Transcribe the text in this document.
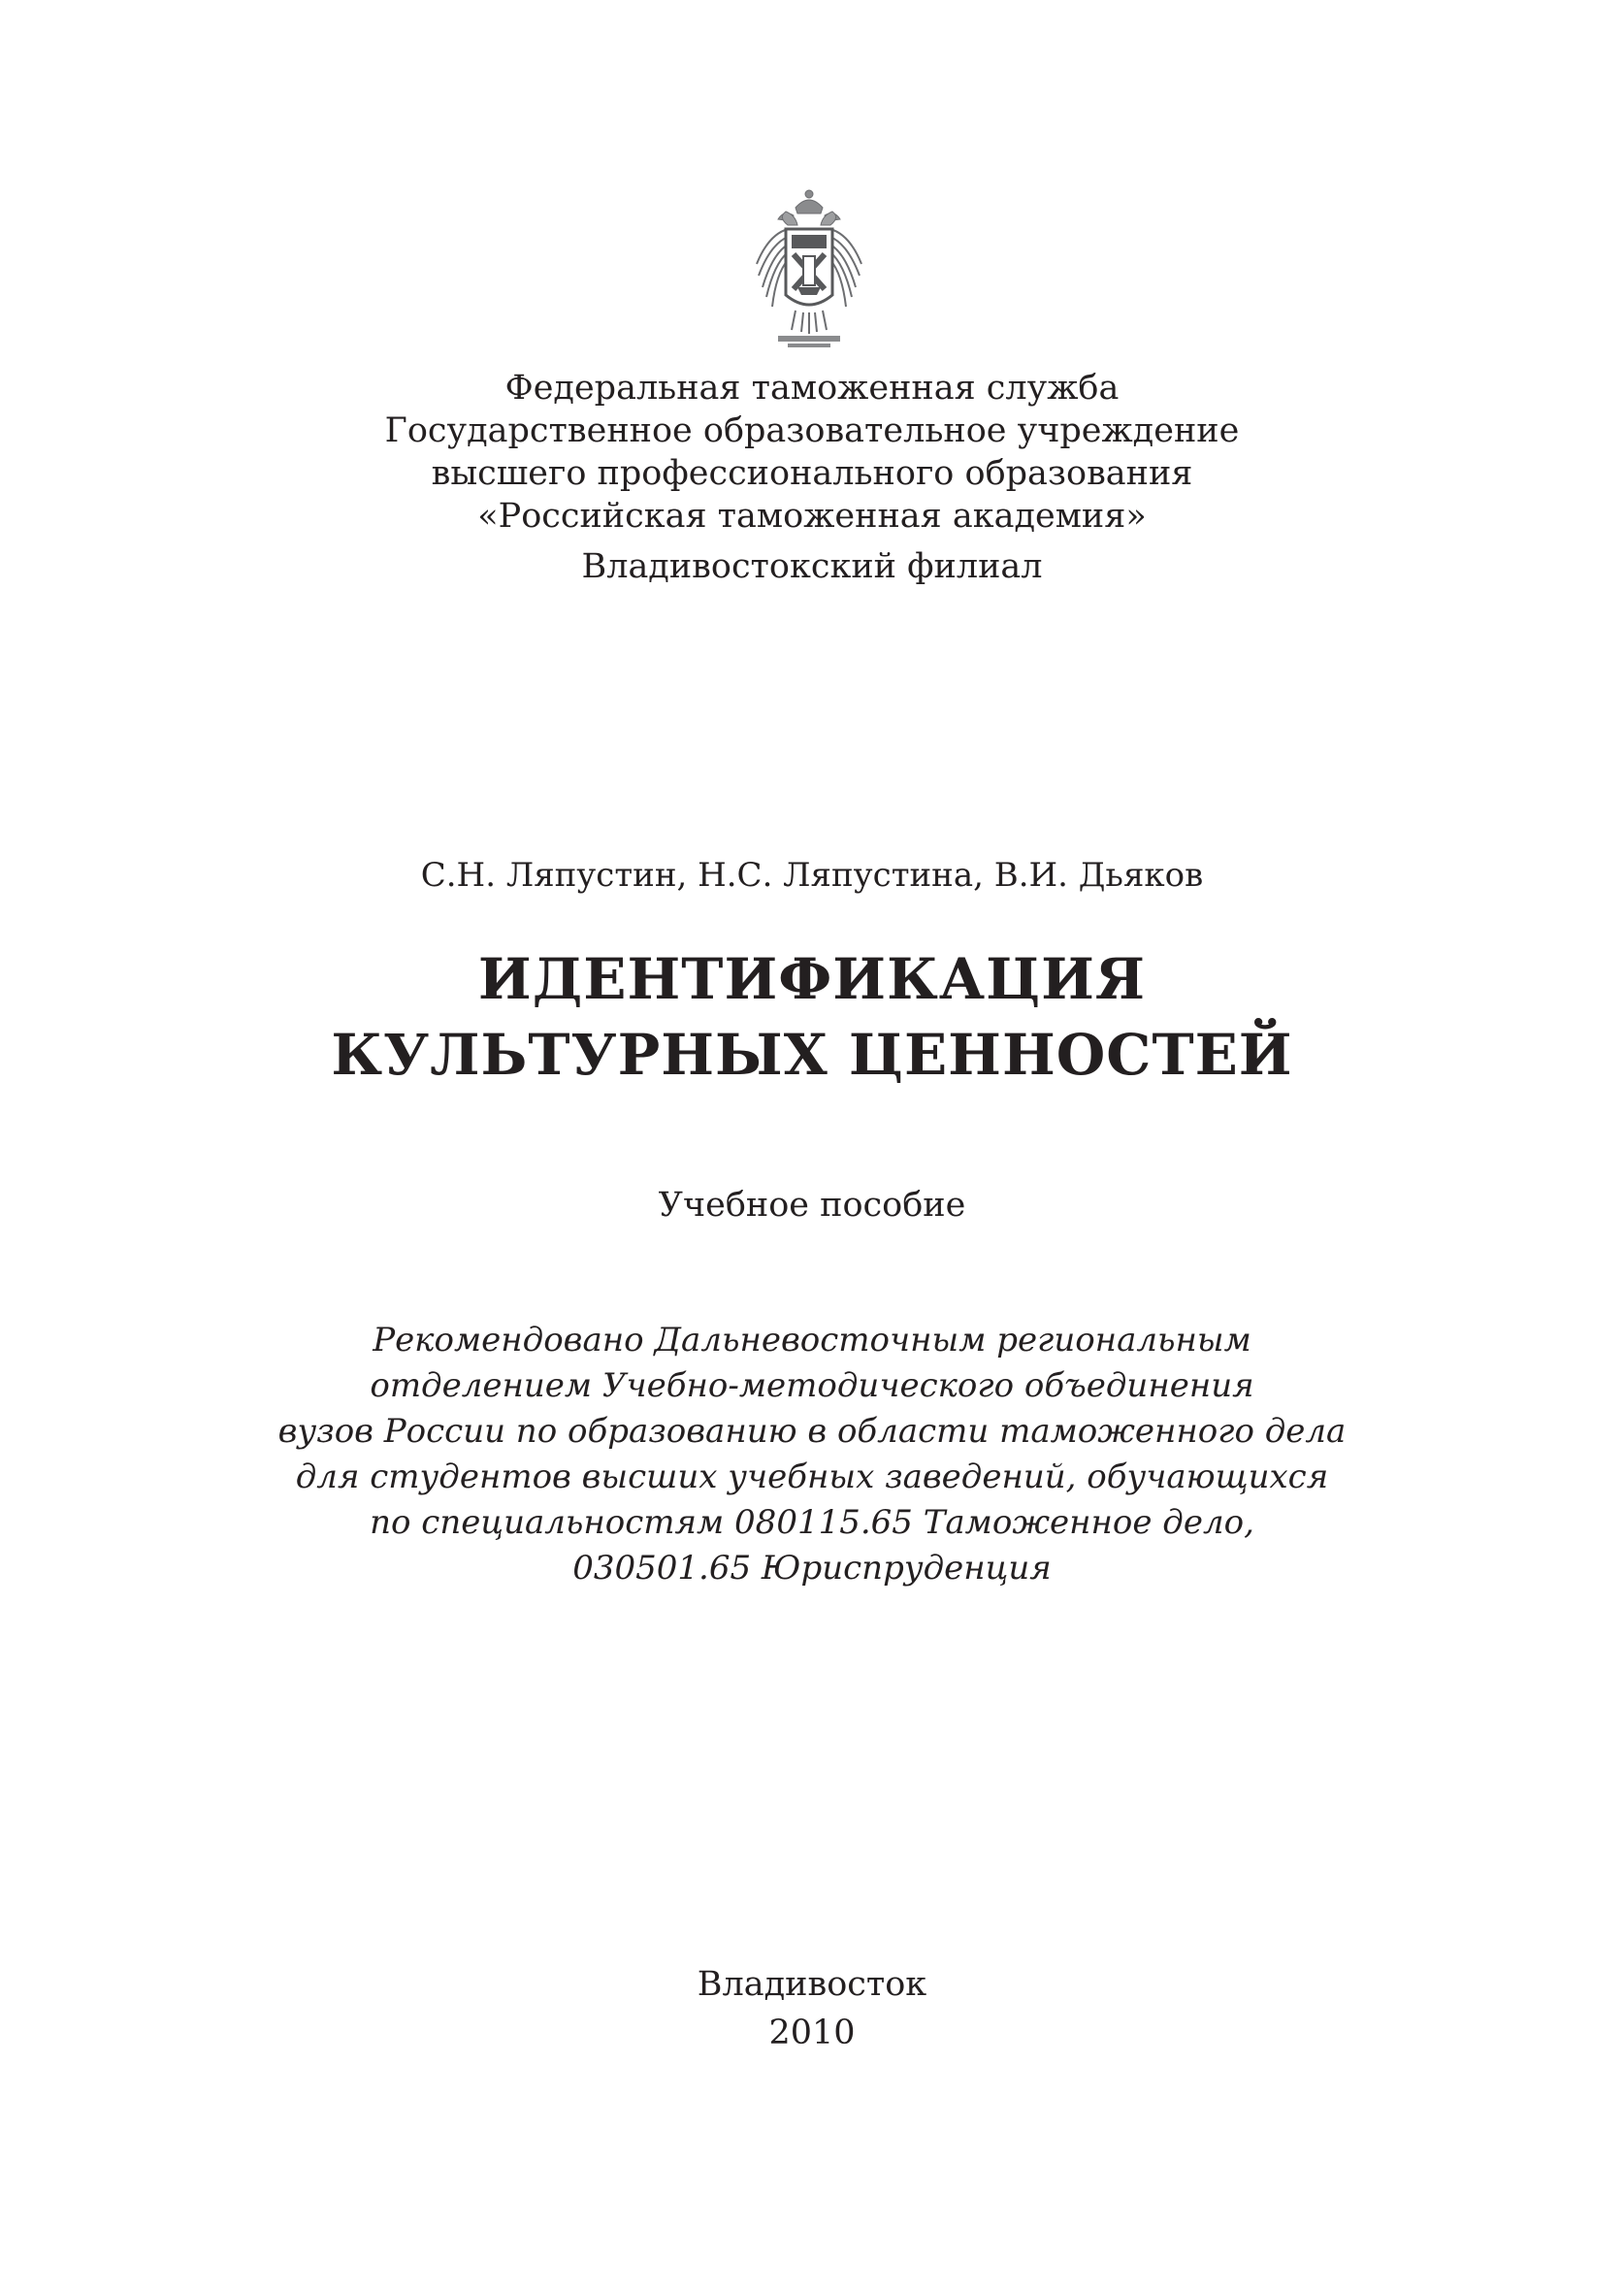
Федеральная таможенная служба
Государственное образовательное учреждение
высшего профессионального образования
«Российская таможенная академия»
Владивостокский филиал
С.Н. Ляпустин, Н.С. Ляпустина, В.И. Дьяков
ИДЕНТИФИКАЦИЯ
КУЛЬТУРНЫХ ЦЕННОСТЕЙ
Учебное пособие
Рекомендовано Дальневосточным региональным
отделением Учебно-методического объединения
вузов России по образованию в области таможенного дела
для студентов высших учебных заведений, обучающихся
по специальностям 080115.65 Таможенное дело,
030501.65 Юриспруденция
Владивосток
2010
